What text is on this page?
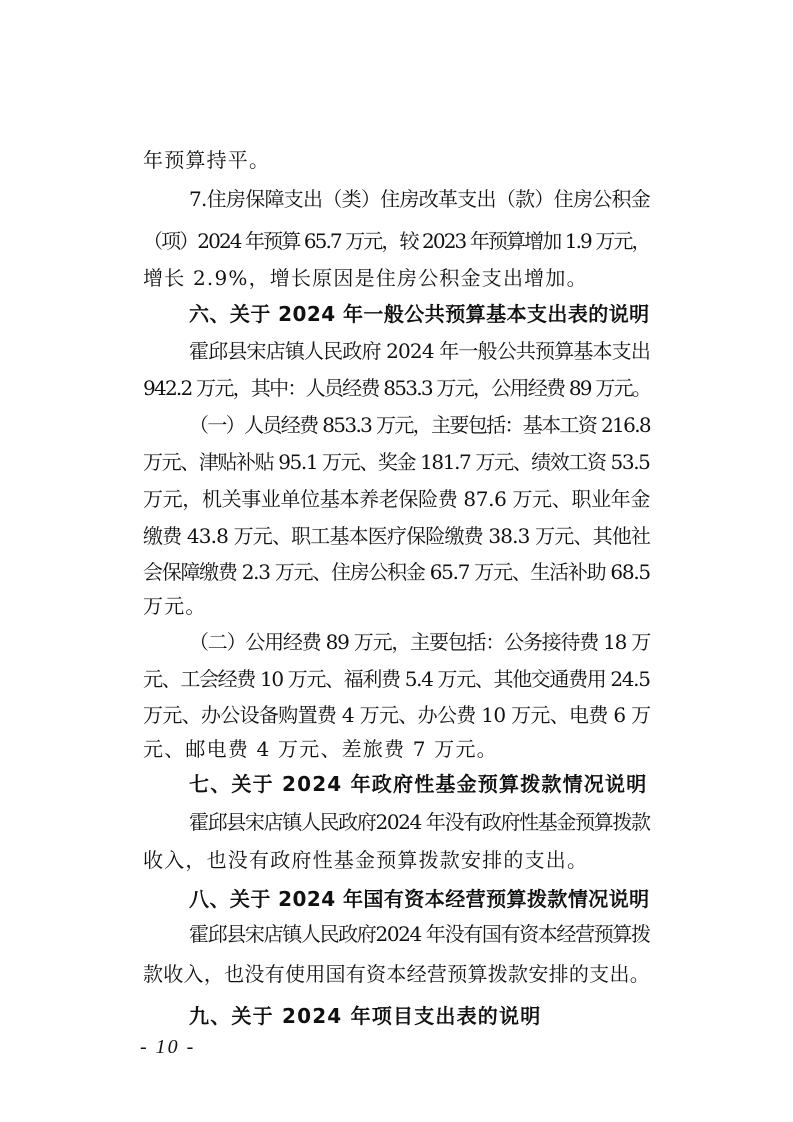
年预算持平。
7.住房保障支出（类）住房改革支出（款）住房公积金
（项）2024 年预算 65.7 万元，较 2023 年预算增加 1.9 万元，
增长 2.9%，增长原因是住房公积金支出增加。
六、关于 2024 年一般公共预算基本支出表的说明
霍邱县宋店镇人民政府 2024 年一般公共预算基本支出
942.2 万元，其中：人员经费 853.3 万元，公用经费 89 万元。
（一）人员经费 853.3 万元，主要包括：基本工资 216.8
万元、津贴补贴 95.1 万元、奖金 181.7 万元、绩效工资 53.5
万元，机关事业单位基本养老保险费 87.6 万元、职业年金
缴费 43.8 万元、职工基本医疗保险缴费 38.3 万元、其他社
会保障缴费 2.3 万元、住房公积金 65.7 万元、生活补助 68.5
万元。
（二）公用经费 89 万元，主要包括：公务接待费 18 万
元、工会经费 10 万元、福利费 5.4 万元、其他交通费用 24.5
万元、办公设备购置费 4 万元、办公费 10 万元、电费 6 万
元、邮电费 4 万元、差旅费 7 万元。
七、关于 2024 年政府性基金预算拨款情况说明
霍邱县宋店镇人民政府2024 年没有政府性基金预算拨款
收入，也没有政府性基金预算拨款安排的支出。
八、关于 2024 年国有资本经营预算拨款情况说明
霍邱县宋店镇人民政府2024 年没有国有资本经营预算拨
款收入，也没有使用国有资本经营预算拨款安排的支出。
九、关于 2024 年项目支出表的说明
- 10 -
